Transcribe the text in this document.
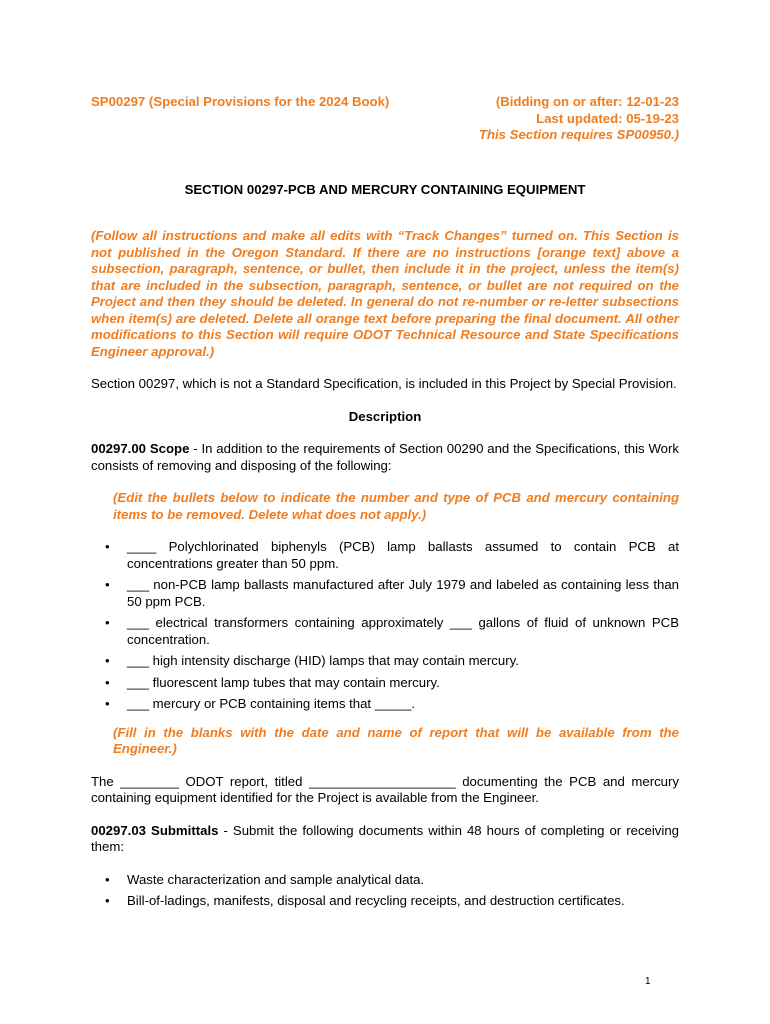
SP00297 (Special Provisions for the 2024 Book)	(Bidding on or after: 12-01-23
Last updated: 05-19-23
This Section requires SP00950.)
SECTION 00297-PCB AND MERCURY CONTAINING EQUIPMENT

(Follow all instructions and make all edits with “Track Changes” turned on. This Section is not published in the Oregon Standard. If there are no instructions [orange text] above a subsection, paragraph, sentence, or bullet, then include it in the project, unless the item(s) that are included in the subsection, paragraph, sentence, or bullet are not required on the Project and then they should be deleted. In general do not re-number or re-letter subsections when item(s) are deleted. Delete all orange text before preparing the final document. All other modifications to this Section will require ODOT Technical Resource and State Specifications Engineer approval.)

Section 00297, which is not a Standard Specification, is included in this Project by Special Provision.

Description

00297.00 Scope - In addition to the requirements of Section 00290 and the Specifications, this Work consists of removing and disposing of the following:

(Edit the bullets below to indicate the number and type of PCB and mercury containing items to be removed. Delete what does not apply.)

• ____ Polychlorinated biphenyls (PCB) lamp ballasts assumed to contain PCB at concentrations greater than 50 ppm.
• ___ non-PCB lamp ballasts manufactured after July 1979 and labeled as containing less than 50 ppm PCB.
• ___ electrical transformers containing approximately ___ gallons of fluid of unknown PCB concentration.
• ___ high intensity discharge (HID) lamps that may contain mercury.
• ___ fluorescent lamp tubes that may contain mercury.
• ___ mercury or PCB containing items that _____.

(Fill in the blanks with the date and name of report that will be available from the Engineer.)

The ________ ODOT report, titled ____________________ documenting the PCB and mercury containing equipment identified for the Project is available from the Engineer.

00297.03 Submittals - Submit the following documents within 48 hours of completing or receiving them:

• Waste characterization and sample analytical data.
• Bill-of-ladings, manifests, disposal and recycling receipts, and destruction certificates.
1
